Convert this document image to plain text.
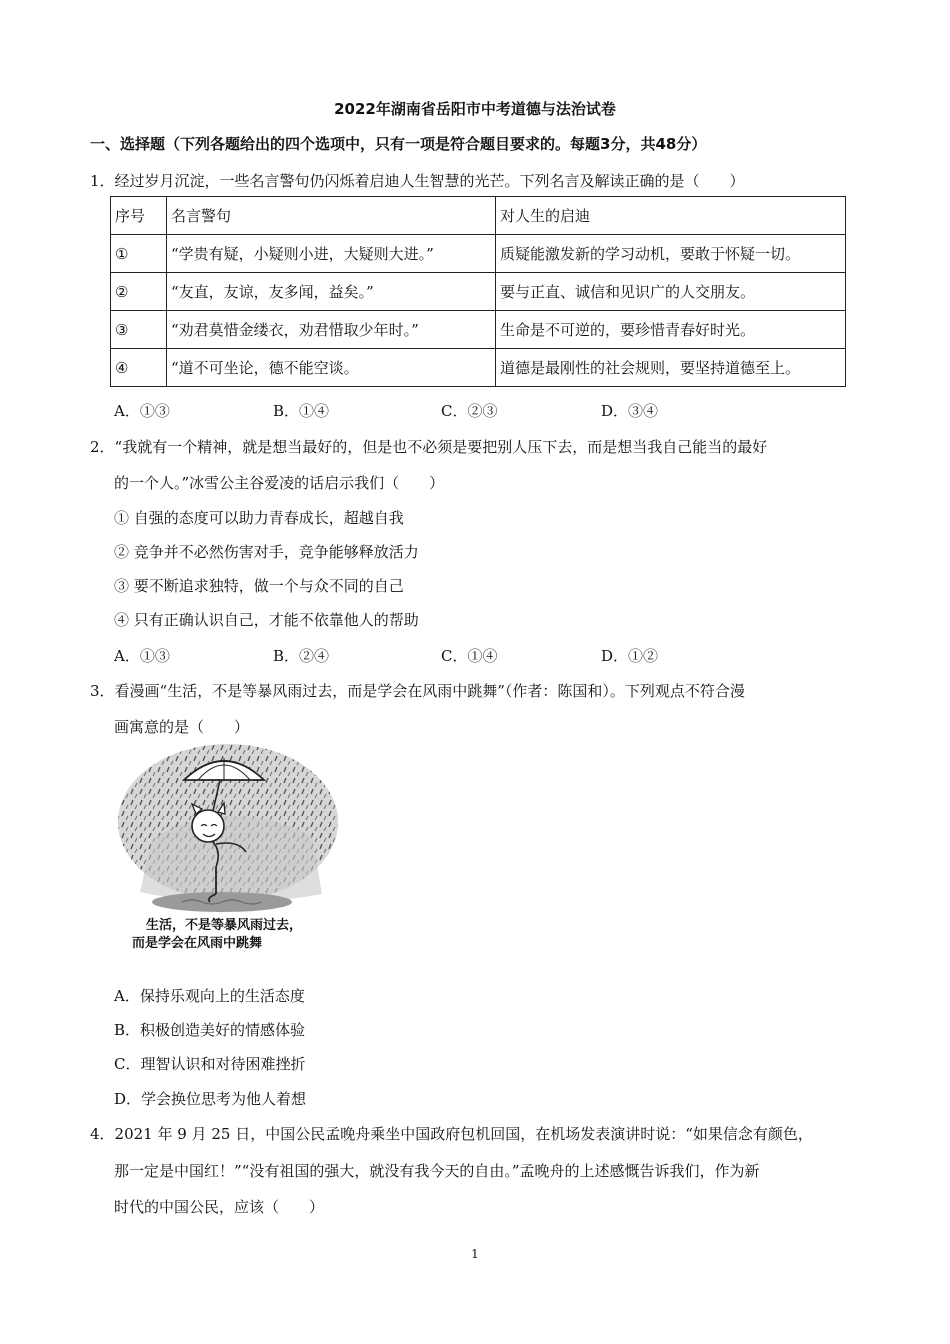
2022年湖南省岳阳市中考道德与法治试卷
一、选择题（下列各题给出的四个选项中，只有一项是符合题目要求的。每题3分，共48分）
1．经过岁月沉淀，一些名言警句仍闪烁着启迪人生智慧的光芒。下列名言及解读正确的是（　　）
序号	名言警句	对人生的启迪
①	“学贵有疑，小疑则小进，大疑则大进。”	质疑能激发新的学习动机，要敢于怀疑一切。
②	“友直，友谅，友多闻，益矣。”	要与正直、诚信和见识广的人交朋友。
③	“劝君莫惜金缕衣，劝君惜取少年时。”	生命是不可逆的，要珍惜青春好时光。
④	“道不可坐论，德不能空谈。	道德是最刚性的社会规则，要坚持道德至上。
A．①③	B．①④	C．②③	D．③④
2．“我就有一个精神，就是想当最好的，但是也不必须是要把别人压下去，而是想当我自己能当的最好
的一个人。”冰雪公主谷爱凌的话启示我们（　　）
① 自强的态度可以助力青春成长，超越自我
② 竞争并不必然伤害对手，竞争能够释放活力
③ 要不断追求独特，做一个与众不同的自己
④ 只有正确认识自己，才能不依靠他人的帮助
A．①③	B．②④	C．①④	D．①②
3．看漫画“生活，不是等暴风雨过去，而是学会在风雨中跳舞”（作者：陈国和）。下列观点不符合漫
画寓意的是（　　）
生活，不是等暴风雨过去，
而是学会在风雨中跳舞
A．保持乐观向上的生活态度
B．积极创造美好的情感体验
C．理智认识和对待困难挫折
D．学会换位思考为他人着想
4．2021 年 9 月 25 日，中国公民孟晚舟乘坐中国政府包机回国，在机场发表演讲时说：“如果信念有颜色，
那一定是中国红！”“没有祖国的强大，就没有我今天的自由。”孟晚舟的上述感慨告诉我们，作为新
时代的中国公民，应该（　　）
1
